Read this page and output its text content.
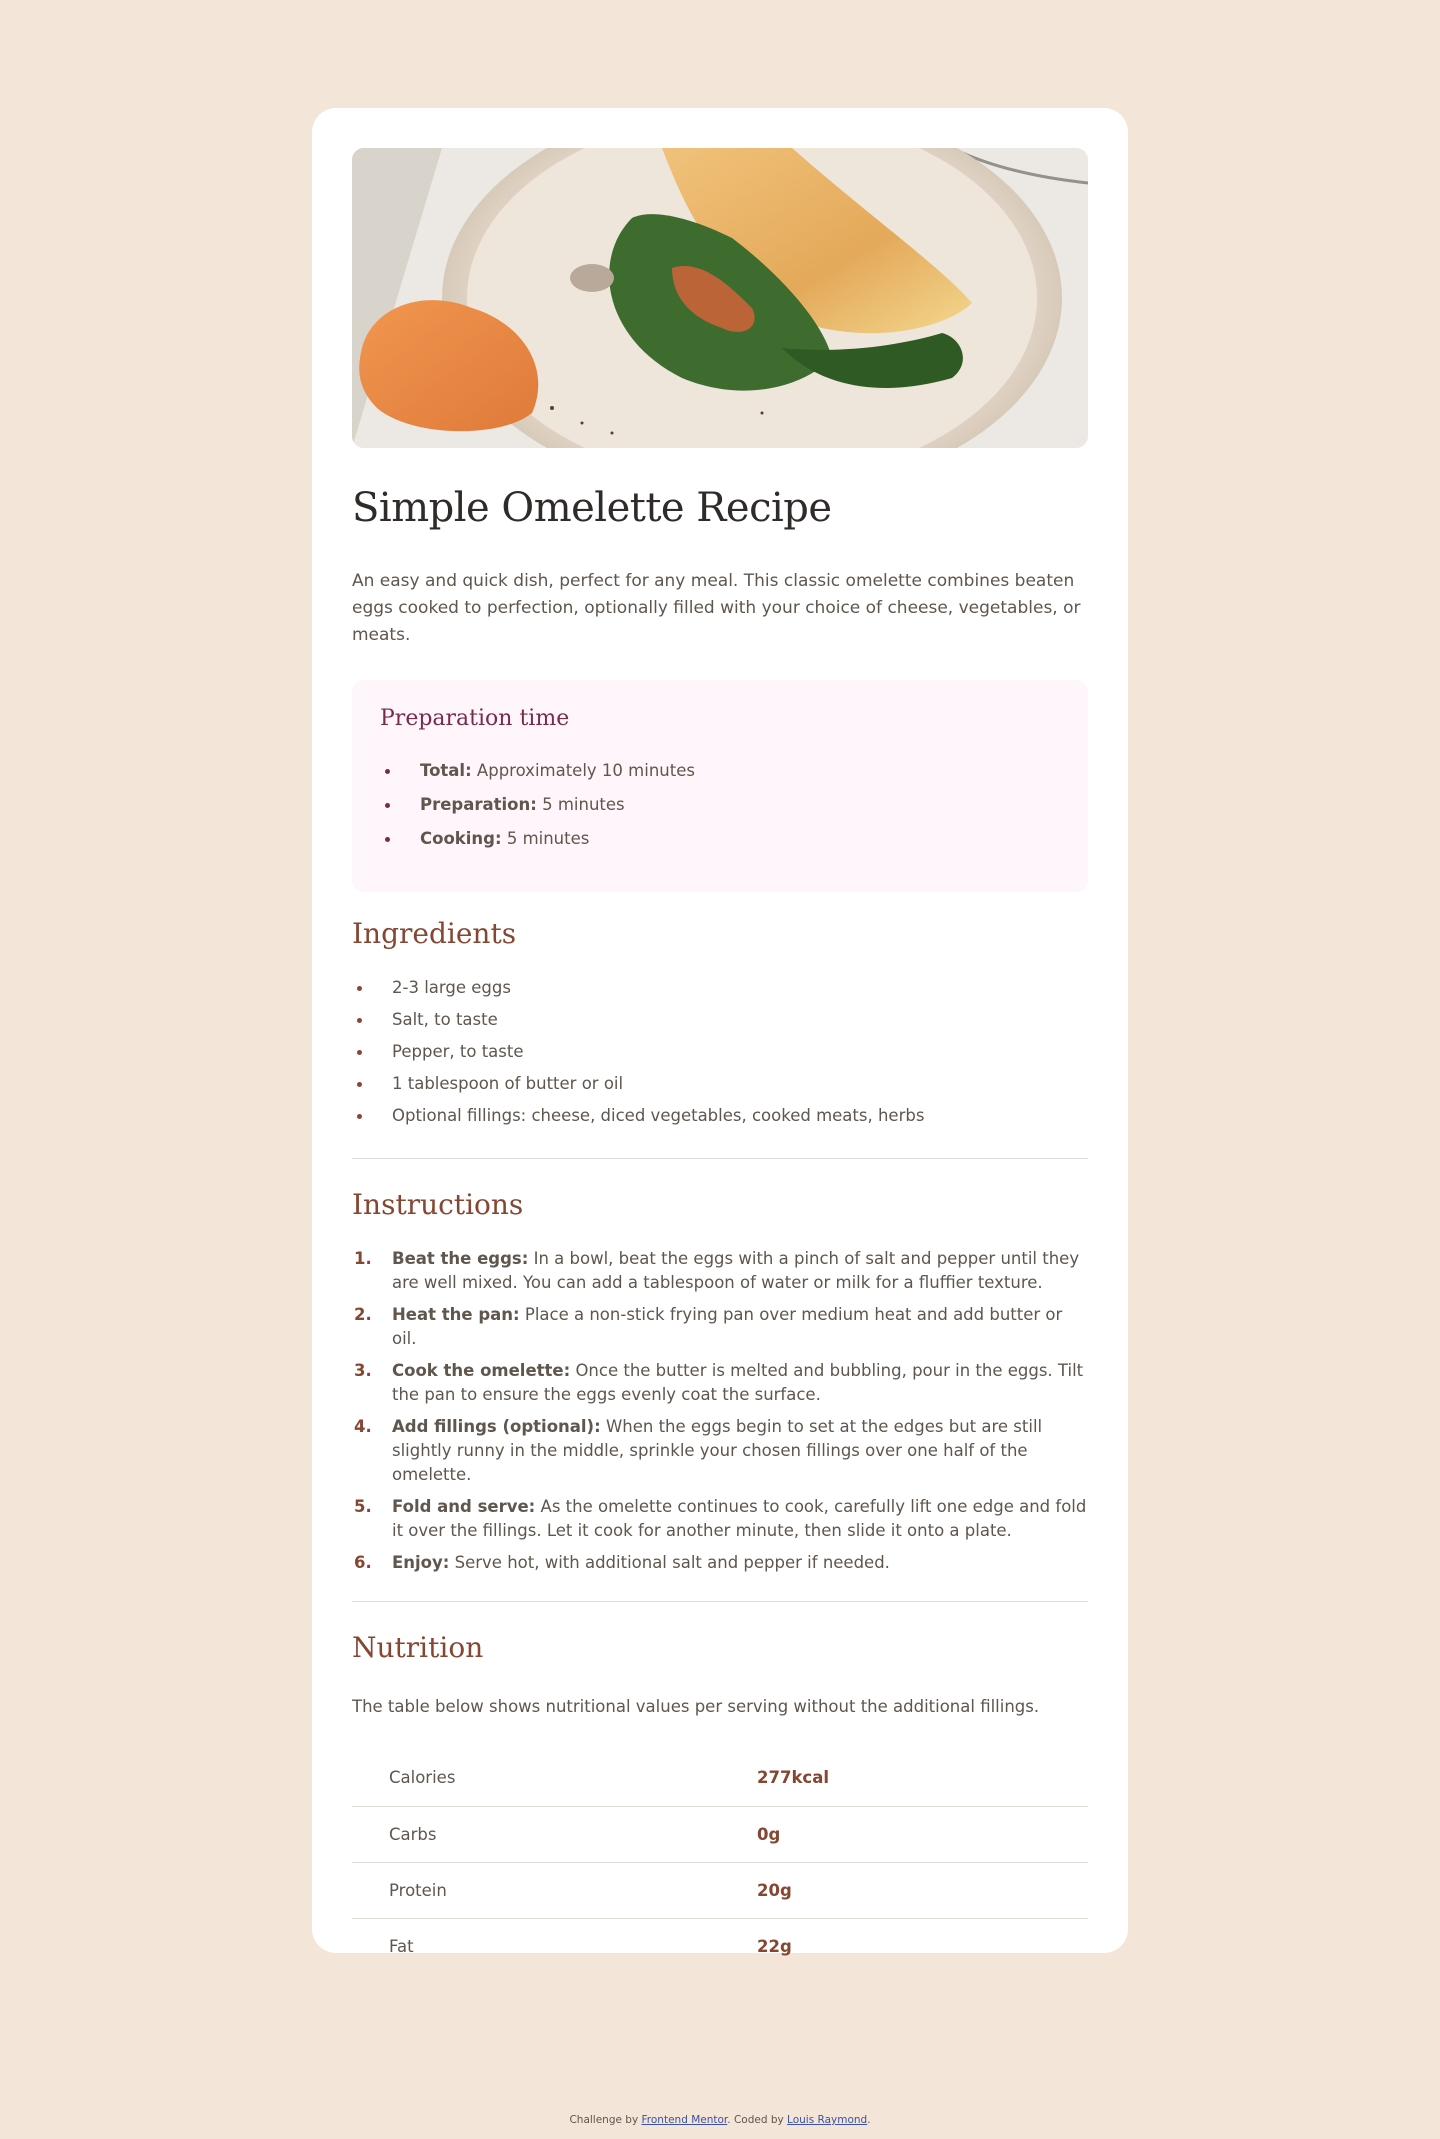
Simple Omelette Recipe

An easy and quick dish, perfect for any meal. This classic omelette combines beaten eggs cooked to perfection, optionally filled with your choice of cheese, vegetables, or meats.

Preparation time
Total: Approximately 10 minutes
Preparation: 5 minutes
Cooking: 5 minutes
Ingredients
2-3 large eggs
Salt, to taste
Pepper, to taste
1 tablespoon of butter or oil
Optional fillings: cheese, diced vegetables, cooked meats, herbs
Instructions
1. Beat the eggs: In a bowl, beat the eggs with a pinch of salt and pepper until they are well mixed. You can add a tablespoon of water or milk for a fluffier texture.
2. Heat the pan: Place a non-stick frying pan over medium heat and add butter or oil.
3. Cook the omelette: Once the butter is melted and bubbling, pour in the eggs. Tilt the pan to ensure the eggs evenly coat the surface.
4. Add fillings (optional): When the eggs begin to set at the edges but are still slightly runny in the middle, sprinkle your chosen fillings over one half of the omelette.
5. Fold and serve: As the omelette continues to cook, carefully lift one edge and fold it over the fillings. Let it cook for another minute, then slide it onto a plate.
6. Enjoy: Serve hot, with additional salt and pepper if needed.
Nutrition

The table below shows nutritional values per serving without the additional fillings.

Calories	277kcal
Carbs	0g
Protein	20g
Fat	22g
Challenge by Frontend Mentor. Coded by Louis Raymond.
